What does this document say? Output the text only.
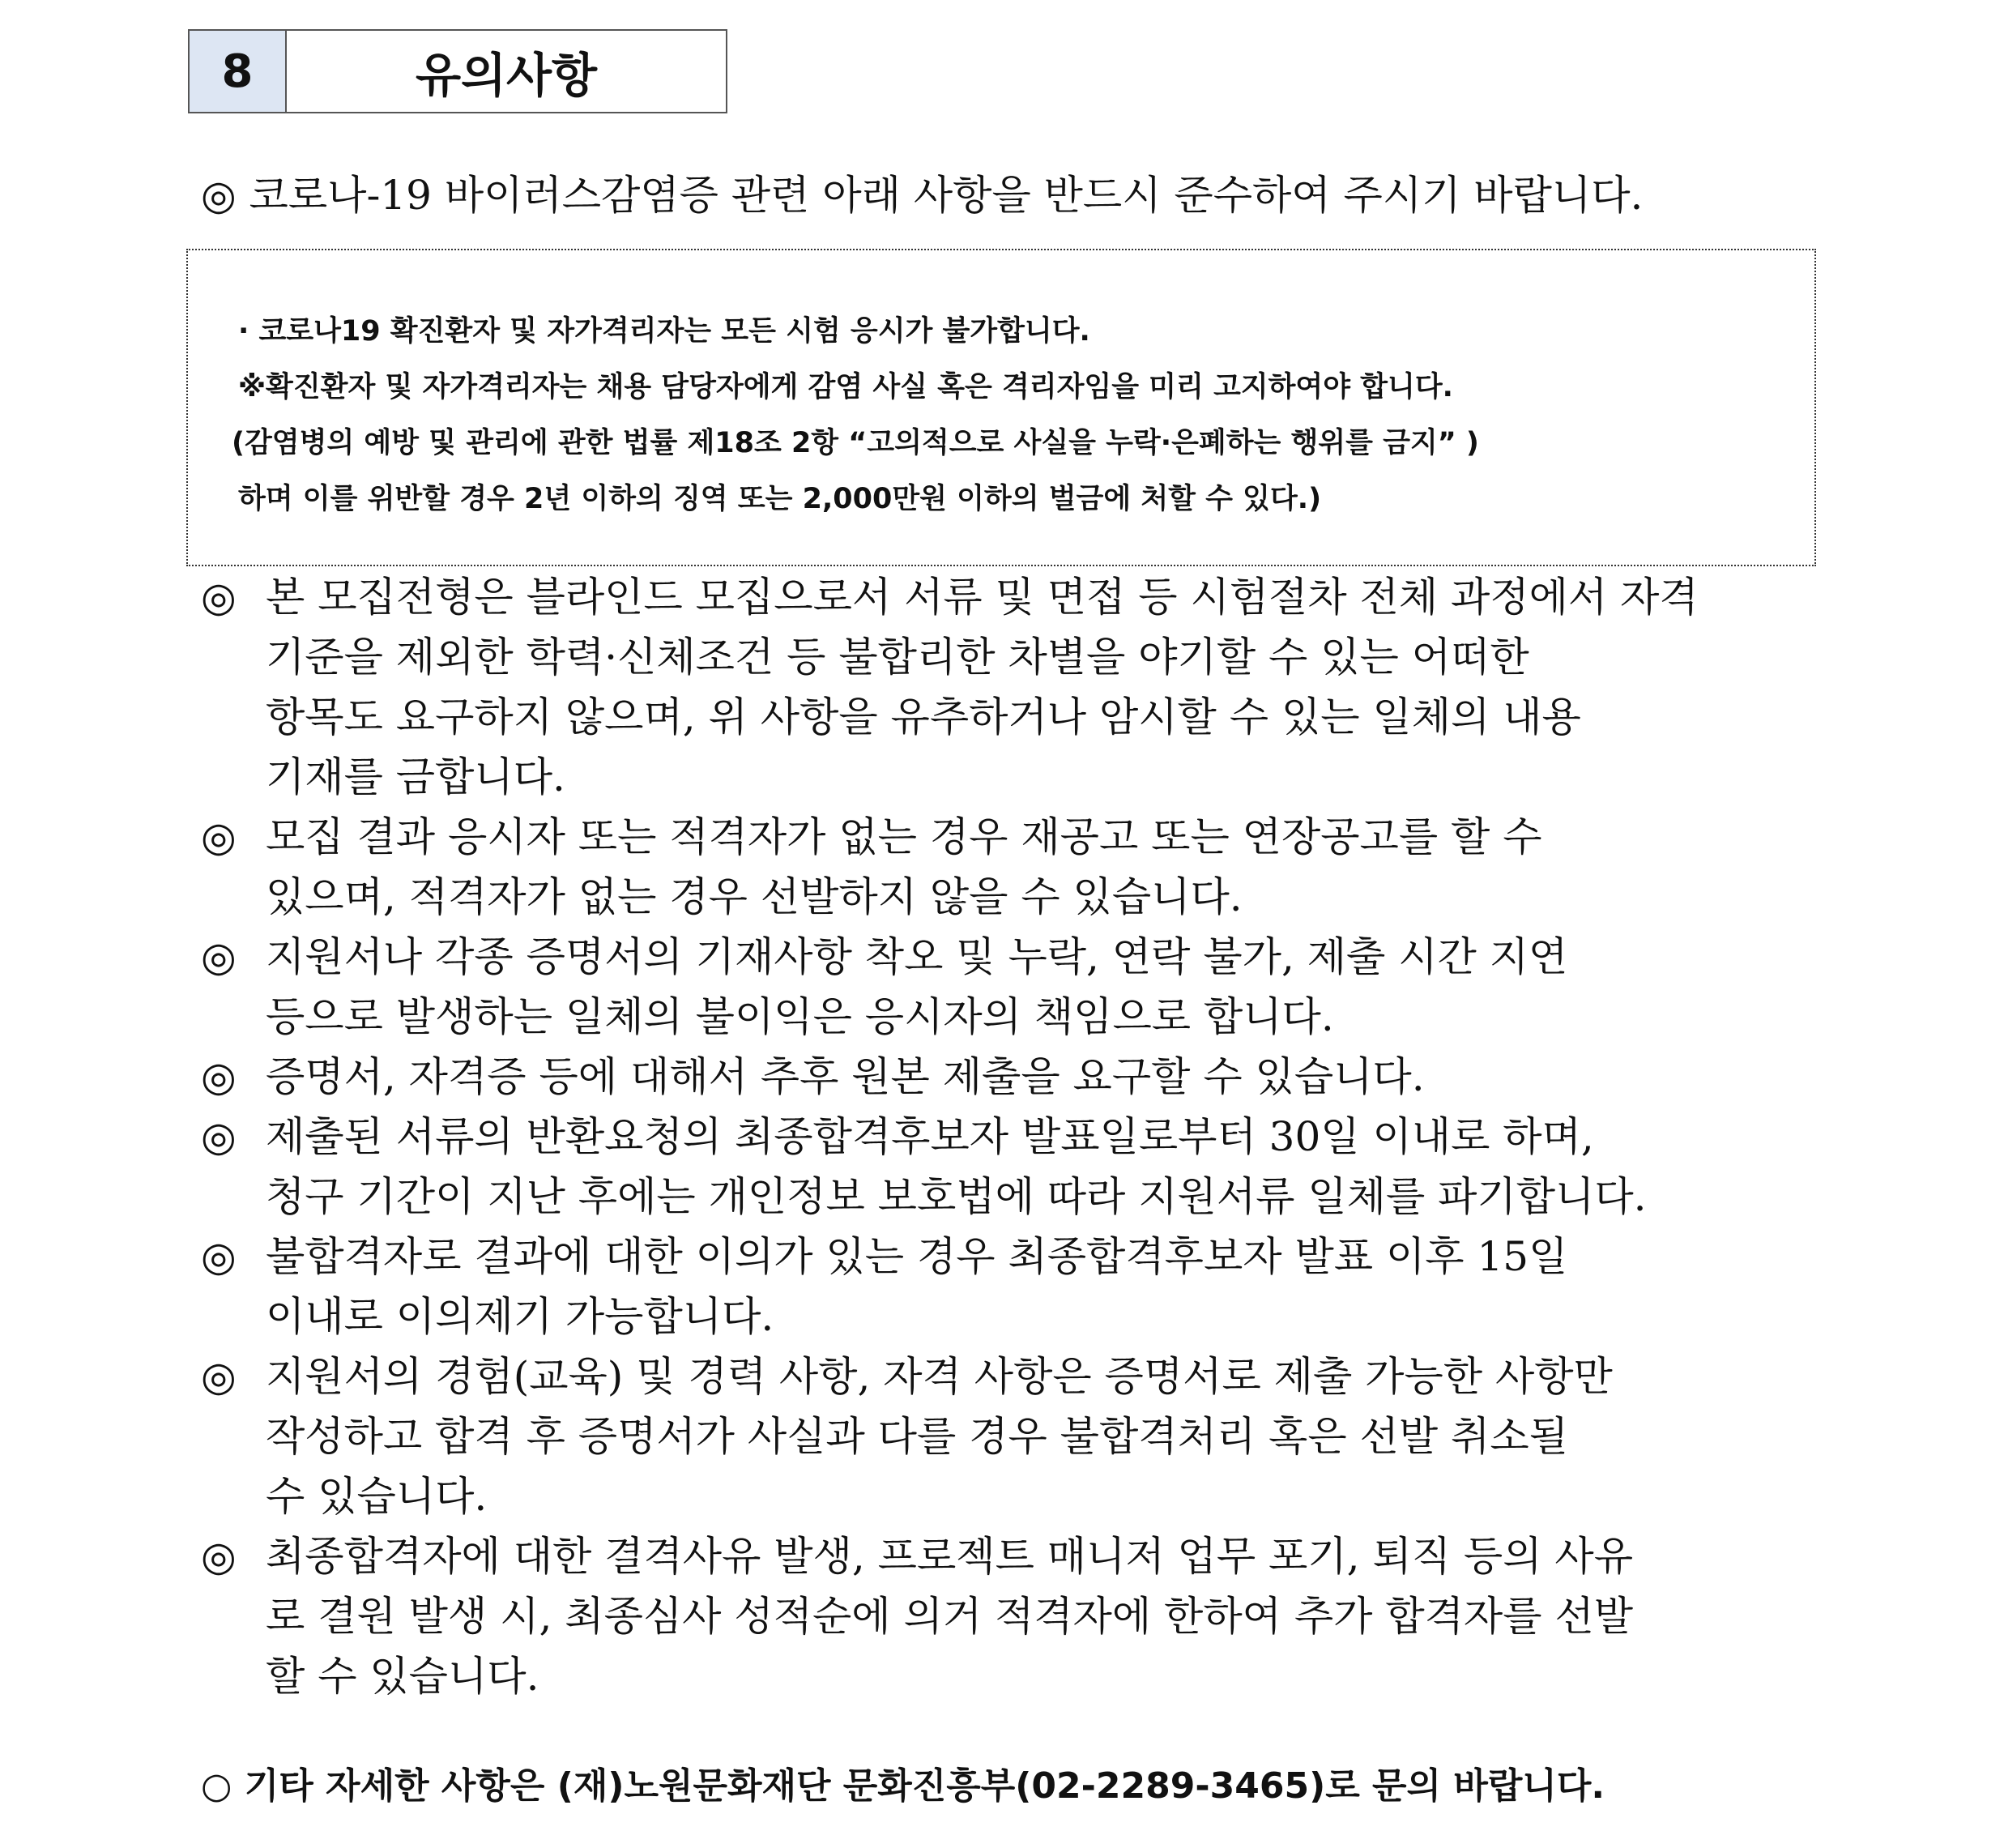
8	유의사항
◎ 코로나-19 바이러스감염증 관련 아래 사항을 반드시 준수하여 주시기 바랍니다.
· 코로나19 확진환자 및 자가격리자는 모든 시험 응시가 불가합니다.
※확진환자 및 자가격리자는 채용 담당자에게 감염 사실 혹은 격리자임을 미리 고지하여야 합니다.
(감염병의 예방 및 관리에 관한 법률 제18조 2항 “고의적으로 사실을 누락·은폐하는 행위를 금지” )
하며 이를 위반할 경우 2년 이하의 징역 또는 2,000만원 이하의 벌금에 처할 수 있다.)
◎ 본 모집전형은 블라인드 모집으로서 서류 및 면접 등 시험절차 전체 과정에서 자격
기준을 제외한 학력·신체조건 등 불합리한 차별을 야기할 수 있는 어떠한
항목도 요구하지 않으며, 위 사항을 유추하거나 암시할 수 있는 일체의 내용
기재를 금합니다.
◎ 모집 결과 응시자 또는 적격자가 없는 경우 재공고 또는 연장공고를 할 수
있으며, 적격자가 없는 경우 선발하지 않을 수 있습니다.
◎ 지원서나 각종 증명서의 기재사항 착오 및 누락, 연락 불가, 제출 시간 지연
등으로 발생하는 일체의 불이익은 응시자의 책임으로 합니다.
◎ 증명서, 자격증 등에 대해서 추후 원본 제출을 요구할 수 있습니다.
◎ 제출된 서류의 반환요청의 최종합격후보자 발표일로부터 30일 이내로 하며,
청구 기간이 지난 후에는 개인정보 보호법에 따라 지원서류 일체를 파기합니다.
◎ 불합격자로 결과에 대한 이의가 있는 경우 최종합격후보자 발표 이후 15일
이내로 이의제기 가능합니다.
◎ 지원서의 경험(교육) 및 경력 사항, 자격 사항은 증명서로 제출 가능한 사항만
작성하고 합격 후 증명서가 사실과 다를 경우 불합격처리 혹은 선발 취소될
수 있습니다.
◎ 최종합격자에 대한 결격사유 발생, 프로젝트 매니저 업무 포기, 퇴직 등의 사유
로 결원 발생 시, 최종심사 성적순에 의거 적격자에 한하여 추가 합격자를 선발
할 수 있습니다.
○ 기타 자세한 사항은 (재)노원문화재단 문화진흥부(02-2289-3465)로 문의 바랍니다.
